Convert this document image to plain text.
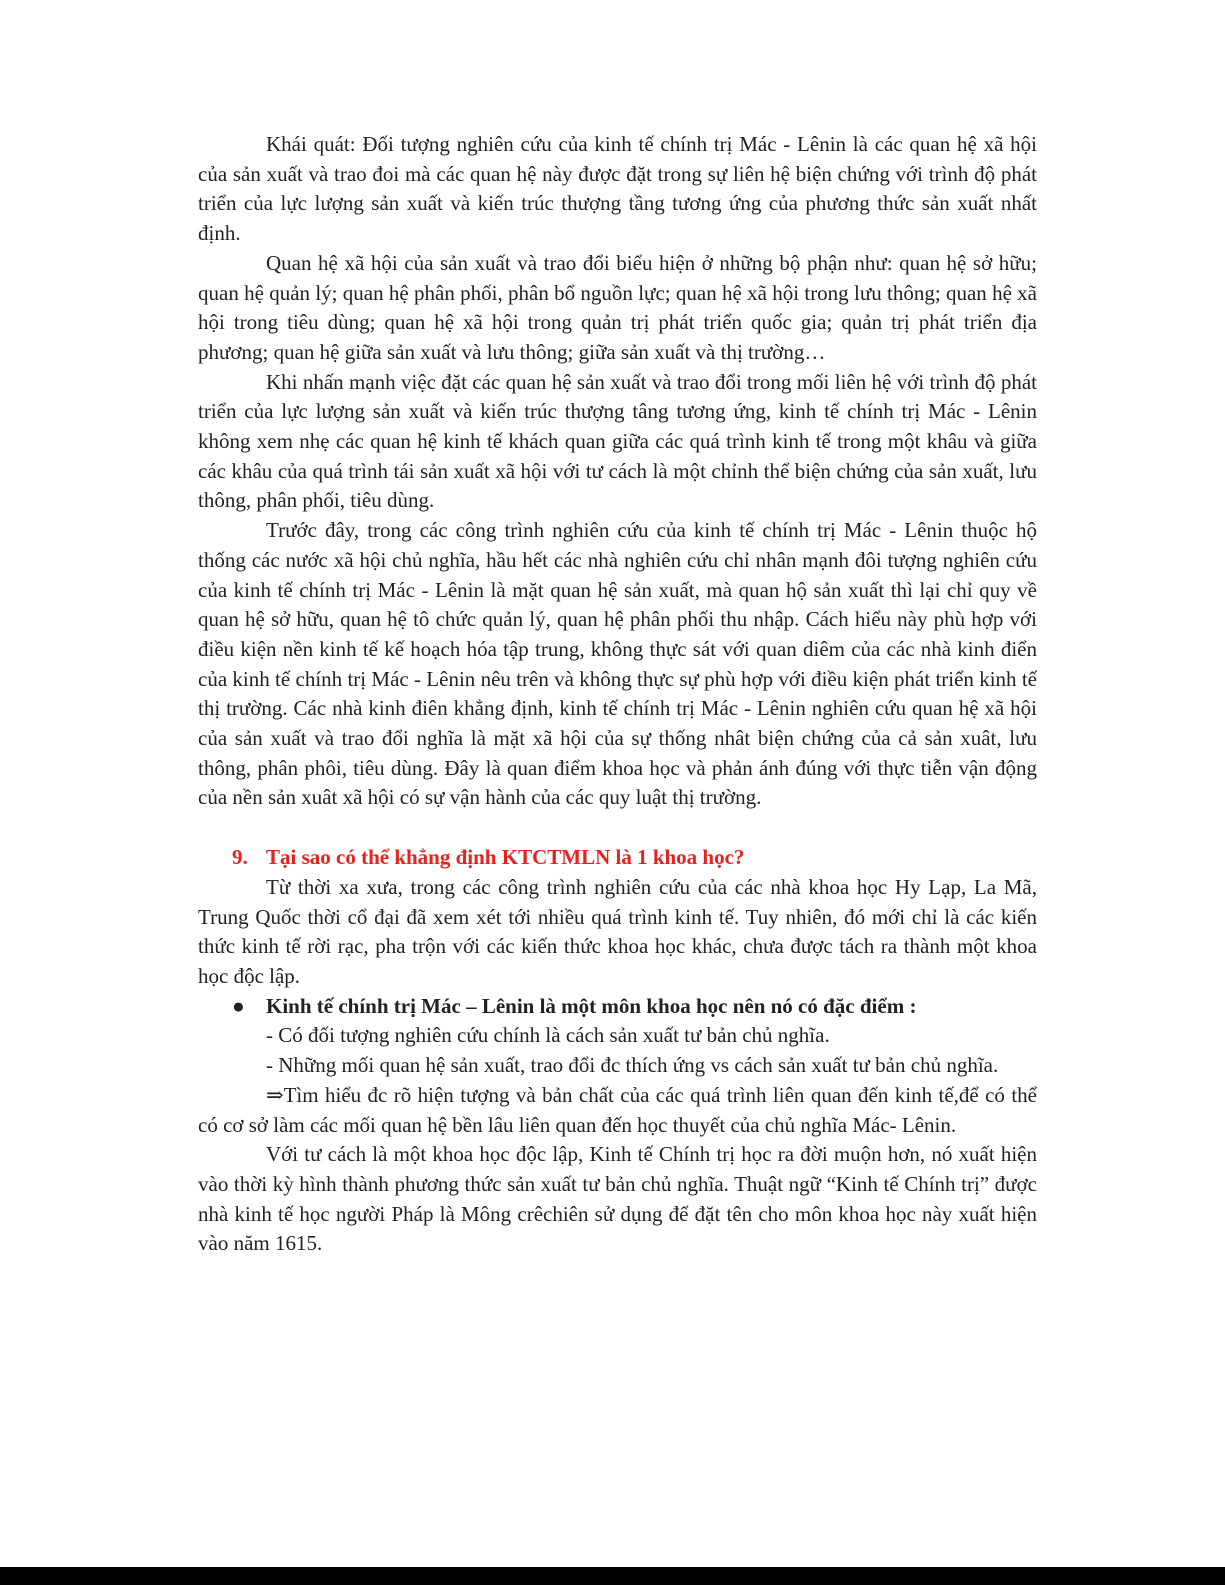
Khái quát: Đối tượng nghiên cứu của kinh tế chính trị Mác - Lênin là các quan hệ xã hội của sản xuất và trao đoi mà các quan hệ này được đặt trong sự liên hệ biện chứng với trình độ phát triển của lực lượng sản xuất và kiến trúc thượng tầng tương ứng của phương thức sản xuất nhất định.

Quan hệ xã hội của sản xuất và trao đổi biểu hiện ở những bộ phận như: quan hệ sở hữu; quan hệ quản lý; quan hệ phân phối, phân bổ nguồn lực; quan hệ xã hội trong lưu thông; quan hệ xã hội trong tiêu dùng; quan hệ xã hội trong quản trị phát triển quốc gia; quản trị phát triển địa phương; quan hệ giữa sản xuất và lưu thông; giữa sản xuất và thị trường…

Khi nhấn mạnh việc đặt các quan hệ sản xuất và trao đổi trong mối liên hệ với trình độ phát triển của lực lượng sản xuất và kiến trúc thượng tâng tương ứng, kinh tế chính trị Mác - Lênin không xem nhẹ các quan hệ kinh tế khách quan giữa các quá trình kinh tế trong một khâu và giữa các khâu của quá trình tái sản xuất xã hội với tư cách là một chỉnh thể biện chứng của sản xuất, lưu thông, phân phối, tiêu dùng.

Trước đây, trong các công trình nghiên cứu của kinh tế chính trị Mác - Lênin thuộc hộ thống các nước xã hội chủ nghĩa, hầu hết các nhà nghiên cứu chỉ nhân mạnh đôi tượng nghiên cứu của kinh tế chính trị Mác - Lênin là mặt quan hệ sản xuất, mà quan hộ sản xuất thì lại chỉ quy về quan hệ sở hữu, quan hệ tô chức quản lý, quan hệ phân phối thu nhập. Cách hiểu này phù hợp với điều kiện nền kinh tế kế hoạch hóa tập trung, không thực sát với quan diêm của các nhà kinh điển của kinh tế chính trị Mác - Lênin nêu trên và không thực sự phù hợp với điều kiện phát triển kinh tế thị trường. Các nhà kinh điên khẳng định, kinh tế chính trị Mác - Lênin nghiên cứu quan hệ xã hội của sản xuất và trao đổi nghĩa là mặt xã hội của sự thống nhât biện chứng của cả sản xuât, lưu thông, phân phôi, tiêu dùng. Đây là quan điểm khoa học và phản ánh đúng với thực tiễn vận động của nền sản xuât xã hội có sự vận hành của các quy luật thị trường.

9. Tại sao có thể khẳng định KTCTMLN là 1 khoa học?

Từ thời xa xưa, trong các công trình nghiên cứu của các nhà khoa học Hy Lạp, La Mã, Trung Quốc thời cổ đại đã xem xét tới nhiều quá trình kinh tế. Tuy nhiên, đó mới chỉ là các kiến thức kinh tế rời rạc, pha trộn với các kiến thức khoa học khác, chưa được tách ra thành một khoa học độc lập.

● Kinh tế chính trị Mác – Lênin là một môn khoa học nên nó có đặc điểm :

- Có đối tượng nghiên cứu chính là cách sản xuất tư bản chủ nghĩa.

- Những mối quan hệ sản xuất, trao đổi đc thích ứng vs cách sản xuất tư bản chủ nghĩa.

⇒Tìm hiểu đc rõ hiện tượng và bản chất của các quá trình liên quan đến kinh tế,để có thể có cơ sở làm các mối quan hệ bền lâu liên quan đến học thuyết của chủ nghĩa Mác- Lênin.

Với tư cách là một khoa học độc lập, Kinh tế Chính trị học ra đời muộn hơn, nó xuất hiện vào thời kỳ hình thành phương thức sản xuất tư bản chủ nghĩa. Thuật ngữ “Kinh tế Chính trị” được nhà kinh tế học người Pháp là Mông crêchiên sử dụng để đặt tên cho môn khoa học này xuất hiện vào năm 1615.
